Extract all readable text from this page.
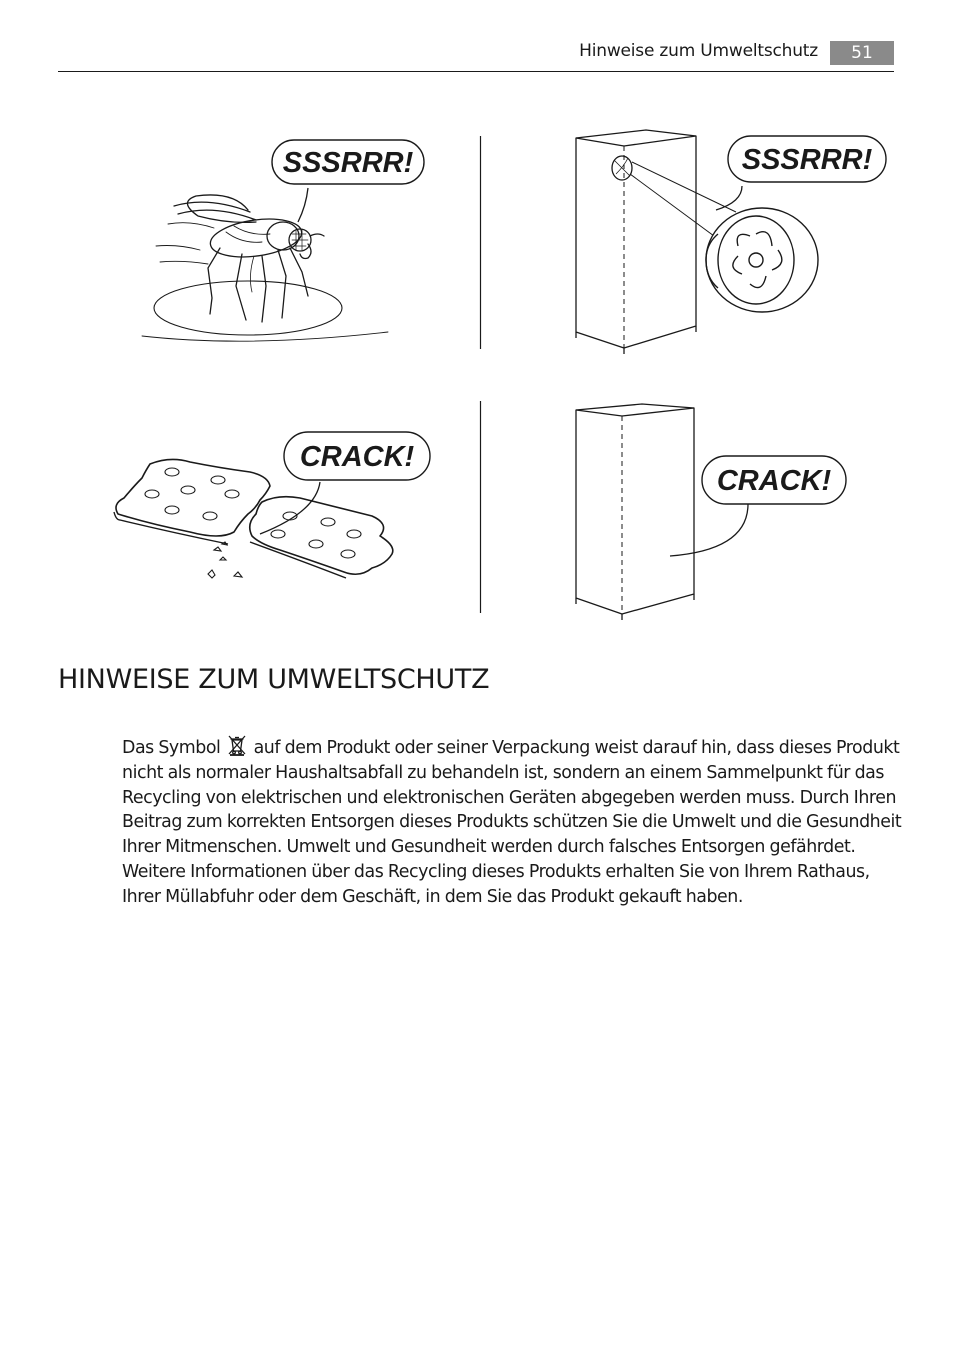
Hinweise zum Umweltschutz	51
SSSRRR!	SSSRRR!
CRACK!
CRACK!
HINWEISE ZUM UMWELTSCHUTZ

Das Symbol auf dem Produkt oder seiner Verpackung weist darauf hin, dass dieses Produkt nicht als normaler Haushaltsabfall zu behandeln ist, sondern an einem Sammelpunkt für das Recycling von elektrischen und elektronischen Geräten abgegeben werden muss. Durch Ihren Beitrag zum korrekten Entsorgen dieses Produkts schützen Sie die Umwelt und die Gesundheit Ihrer Mitmenschen. Umwelt und Gesundheit werden durch falsches Entsorgen gefährdet. Weitere Informationen über das Recycling dieses Produkts erhalten Sie von Ihrem Rathaus, Ihrer Müllabfuhr oder dem Geschäft, in dem Sie das Produkt gekauft haben.
